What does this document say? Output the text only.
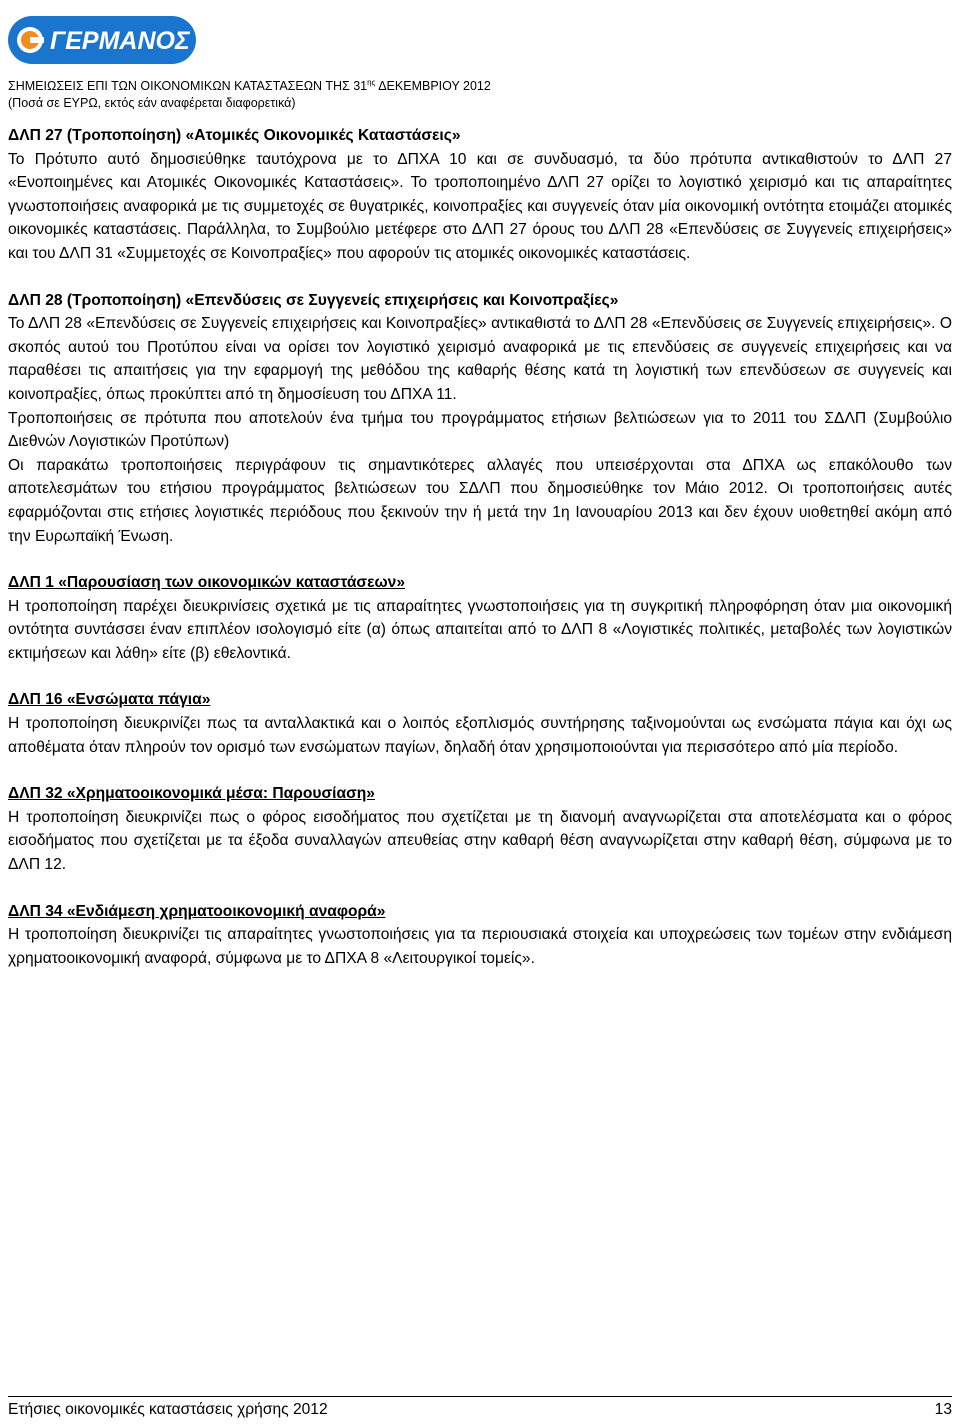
ΓΕΡΜΑΝΟΣ
ΣΗΜΕΙΩΣΕΙΣ ΕΠΙ ΤΩΝ ΟΙΚΟΝΟΜΙΚΩΝ ΚΑΤΑΣΤΑΣΕΩΝ ΤΗΣ $31^{\eta\varsigma}$ ΔΕΚΕΜΒΡΙΟΥ 2012
(Ποσά σε ΕΥΡΩ, εκτός εάν αναφέρεται διαφορετικά)

ΔΛΠ 27 (Τροποποίηση) «Ατομικές Οικονομικές Καταστάσεις»

Το Πρότυπο αυτό δημοσιεύθηκε ταυτόχρονα με το ΔΠΧΑ 10 και σε συνδυασμό, τα δύο πρότυπα αντικαθιστούν το ΔΛΠ 27 «Ενοποιημένες και Ατομικές Οικονομικές Καταστάσεις». Το τροποποιημένο ΔΛΠ 27 ορίζει το λογιστικό χειρισμό και τις απαραίτητες γνωστοποιήσεις αναφορικά με τις συμμετοχές σε θυγατρικές, κοινοπραξίες και συγγενείς όταν μία οικονομική οντότητα ετοιμάζει ατομικές οικονομικές καταστάσεις. Παράλληλα, το Συμβούλιο μετέφερε στο ΔΛΠ 27 όρους του ΔΛΠ 28 «Επενδύσεις σε Συγγενείς επιχειρήσεις» και του ΔΛΠ 31 «Συμμετοχές σε Κοινοπραξίες» που αφορούν τις ατομικές οικονομικές καταστάσεις.

ΔΛΠ 28 (Τροποποίηση) «Επενδύσεις σε Συγγενείς επιχειρήσεις και Κοινοπραξίες»

Το ΔΛΠ 28 «Επενδύσεις σε Συγγενείς επιχειρήσεις και Κοινοπραξίες» αντικαθιστά το ΔΛΠ 28 «Επενδύσεις σε Συγγενείς επιχειρήσεις». Ο σκοπός αυτού του Προτύπου είναι να ορίσει τον λογιστικό χειρισμό αναφορικά με τις επενδύσεις σε συγγενείς επιχειρήσεις και να παραθέσει τις απαιτήσεις για την εφαρμογή της μεθόδου της καθαρής θέσης κατά τη λογιστική των επενδύσεων σε συγγενείς και κοινοπραξίες, όπως προκύπτει από τη δημοσίευση του ΔΠΧΑ 11.

Τροποποιήσεις σε πρότυπα που αποτελούν ένα τμήμα του προγράμματος ετήσιων βελτιώσεων για το 2011 του ΣΔΛΠ (Συμβούλιο Διεθνών Λογιστικών Προτύπων)

Οι παρακάτω τροποποιήσεις περιγράφουν τις σημαντικότερες αλλαγές που υπεισέρχονται στα ΔΠΧΑ ως επακόλουθο των αποτελεσμάτων του ετήσιου προγράμματος βελτιώσεων του ΣΔΛΠ που δημοσιεύθηκε τον Μάιο 2012. Οι τροποποιήσεις αυτές εφαρμόζονται στις ετήσιες λογιστικές περιόδους που ξεκινούν την ή μετά την 1η Ιανουαρίου 2013 και δεν έχουν υιοθετηθεί ακόμη από την Ευρωπαϊκή Ένωση.

ΔΛΠ 1 «Παρουσίαση των οικονομικών καταστάσεων»

Η τροποποίηση παρέχει διευκρινίσεις σχετικά με τις απαραίτητες γνωστοποιήσεις για τη συγκριτική πληροφόρηση όταν μια οικονομική οντότητα συντάσσει έναν επιπλέον ισολογισμό είτε (α) όπως απαιτείται από το ΔΛΠ 8 «Λογιστικές πολιτικές, μεταβολές των λογιστικών εκτιμήσεων και λάθη» είτε (β) εθελοντικά.

ΔΛΠ 16 «Ενσώματα πάγια»

Η τροποποίηση διευκρινίζει πως τα ανταλλακτικά και ο λοιπός εξοπλισμός συντήρησης ταξινομούνται ως ενσώματα πάγια και όχι ως αποθέματα όταν πληρούν τον ορισμό των ενσώματων παγίων, δηλαδή όταν χρησιμοποιούνται για περισσότερο από μία περίοδο.

ΔΛΠ 32 «Χρηματοοικονομικά μέσα: Παρουσίαση»

Η τροποποίηση διευκρινίζει πως ο φόρος εισοδήματος που σχετίζεται με τη διανομή αναγνωρίζεται στα αποτελέσματα και ο φόρος εισοδήματος που σχετίζεται με τα έξοδα συναλλαγών απευθείας στην καθαρή θέση αναγνωρίζεται στην καθαρή θέση, σύμφωνα με το ΔΛΠ 12.

ΔΛΠ 34 «Ενδιάμεση χρηματοοικονομική αναφορά»

Η τροποποίηση διευκρινίζει τις απαραίτητες γνωστοποιήσεις για τα περιουσιακά στοιχεία και υποχρεώσεις των τομέων στην ενδιάμεση χρηματοοικονομική αναφορά, σύμφωνα με το ΔΠΧΑ 8 «Λειτουργικοί τομείς».

Ετήσιες οικονομικές καταστάσεις χρήσης 2012	13
